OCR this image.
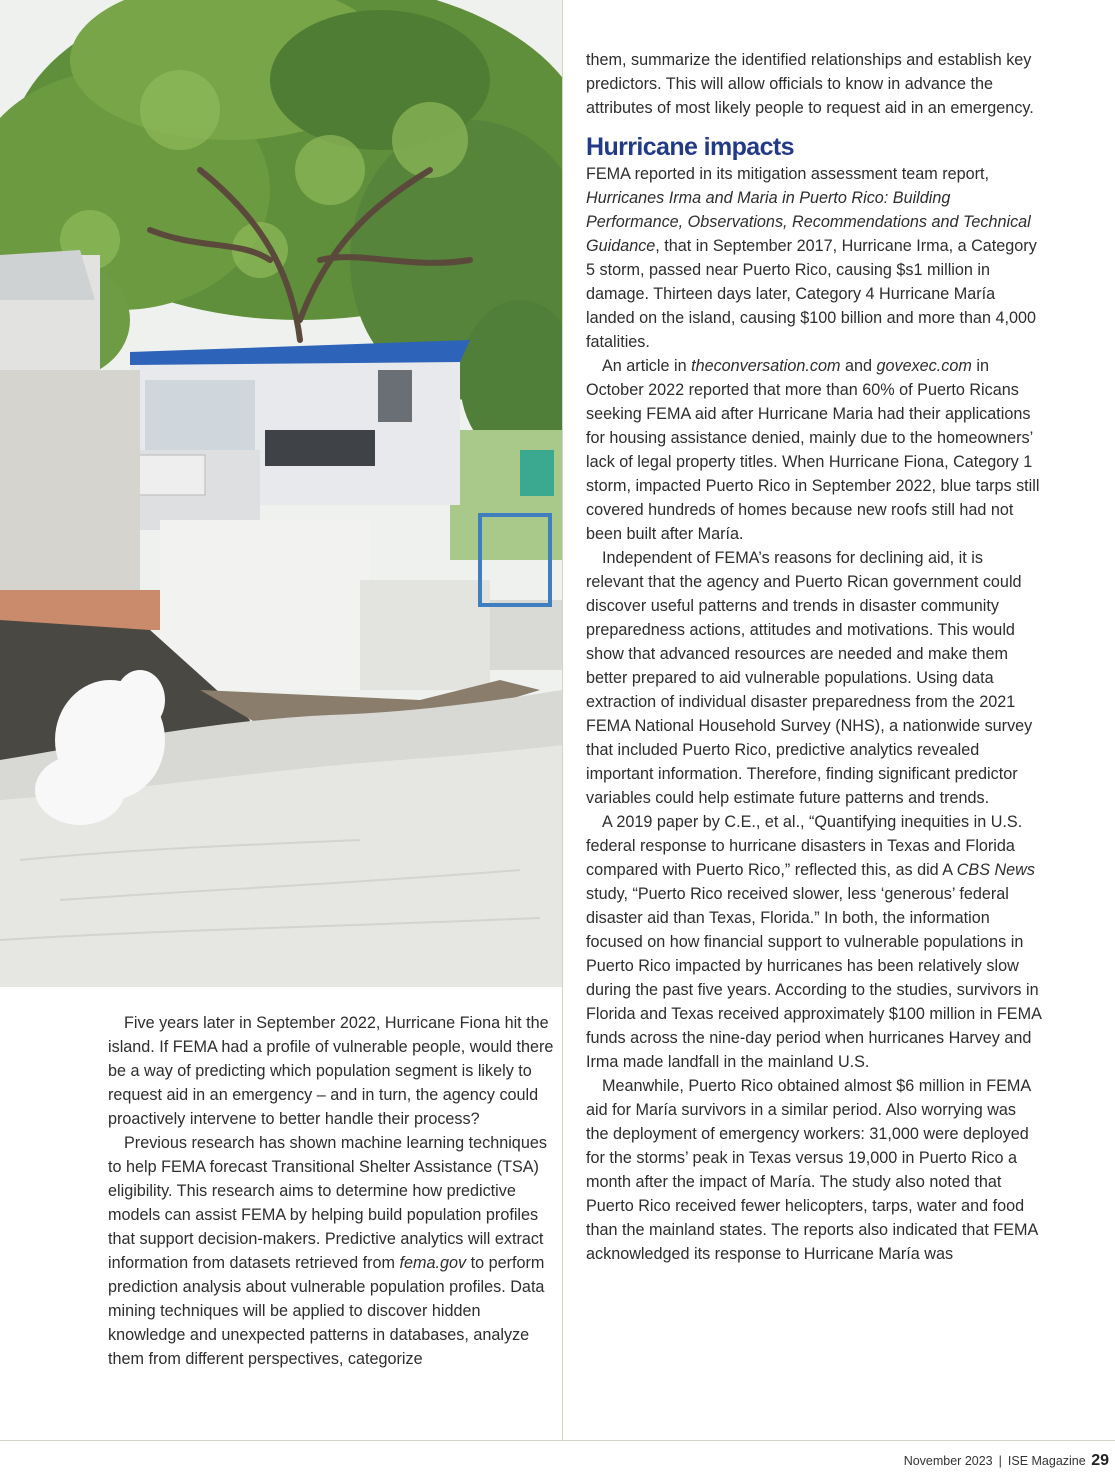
Five years later in September 2022, Hurricane Fiona hit the island. If FEMA had a profile of vulnerable people, would there be a way of predicting which population segment is likely to request aid in an emergency – and in turn, the agency could proactively intervene to better handle their process?

Previous research has shown machine learning techniques to help FEMA forecast Transitional Shelter Assistance (TSA) eligibility. This research aims to determine how predictive models can assist FEMA by helping build population profiles that support decision-makers. Predictive analytics will extract information from datasets retrieved from fema.gov to perform prediction analysis about vulnerable population profiles. Data mining techniques will be applied to discover hidden knowledge and unexpected patterns in databases, analyze them from different perspectives, categorize

them, summarize the identified relationships and establish key predictors. This will allow officials to know in advance the attributes of most likely people to request aid in an emergency.

Hurricane impacts

FEMA reported in its mitigation assessment team report, Hurricanes Irma and Maria in Puerto Rico: Building Performance, Observations, Recommendations and Technical Guidance, that in September 2017, Hurricane Irma, a Category 5 storm, passed near Puerto Rico, causing $s1 million in damage. Thirteen days later, Category 4 Hurricane María landed on the island, causing $100 billion and more than 4,000 fatalities.

An article in theconversation.com and govexec.com in October 2022 reported that more than 60% of Puerto Ricans seeking FEMA aid after Hurricane Maria had their applications for housing assistance denied, mainly due to the homeowners’ lack of legal property titles. When Hurricane Fiona, Category 1 storm, impacted Puerto Rico in September 2022, blue tarps still covered hundreds of homes because new roofs still had not been built after María.

Independent of FEMA’s reasons for declining aid, it is relevant that the agency and Puerto Rican government could discover useful patterns and trends in disaster community preparedness actions, attitudes and motivations. This would show that advanced resources are needed and make them better prepared to aid vulnerable populations. Using data extraction of individual disaster preparedness from the 2021 FEMA National Household Survey (NHS), a nationwide survey that included Puerto Rico, predictive analytics revealed important information. Therefore, finding significant predictor variables could help estimate future patterns and trends.

A 2019 paper by C.E., et al., “Quantifying inequities in U.S. federal response to hurricane disasters in Texas and Florida compared with Puerto Rico,” reflected this, as did A CBS News study, “Puerto Rico received slower, less ‘generous’ federal disaster aid than Texas, Florida.” In both, the information focused on how financial support to vulnerable populations in Puerto Rico impacted by hurricanes has been relatively slow during the past five years. According to the studies, survivors in Florida and Texas received approximately $100 million in FEMA funds across the nine-day period when hurricanes Harvey and Irma made landfall in the mainland U.S.

Meanwhile, Puerto Rico obtained almost $6 million in FEMA aid for María survivors in a similar period. Also worrying was the deployment of emergency workers: 31,000 were deployed for the storms’ peak in Texas versus 19,000 in Puerto Rico a month after the impact of María. The study also noted that Puerto Rico received fewer helicopters, tarps, water and food than the mainland states. The reports also indicated that FEMA acknowledged its response to Hurricane María was

November 2023 | ISE Magazine 29
